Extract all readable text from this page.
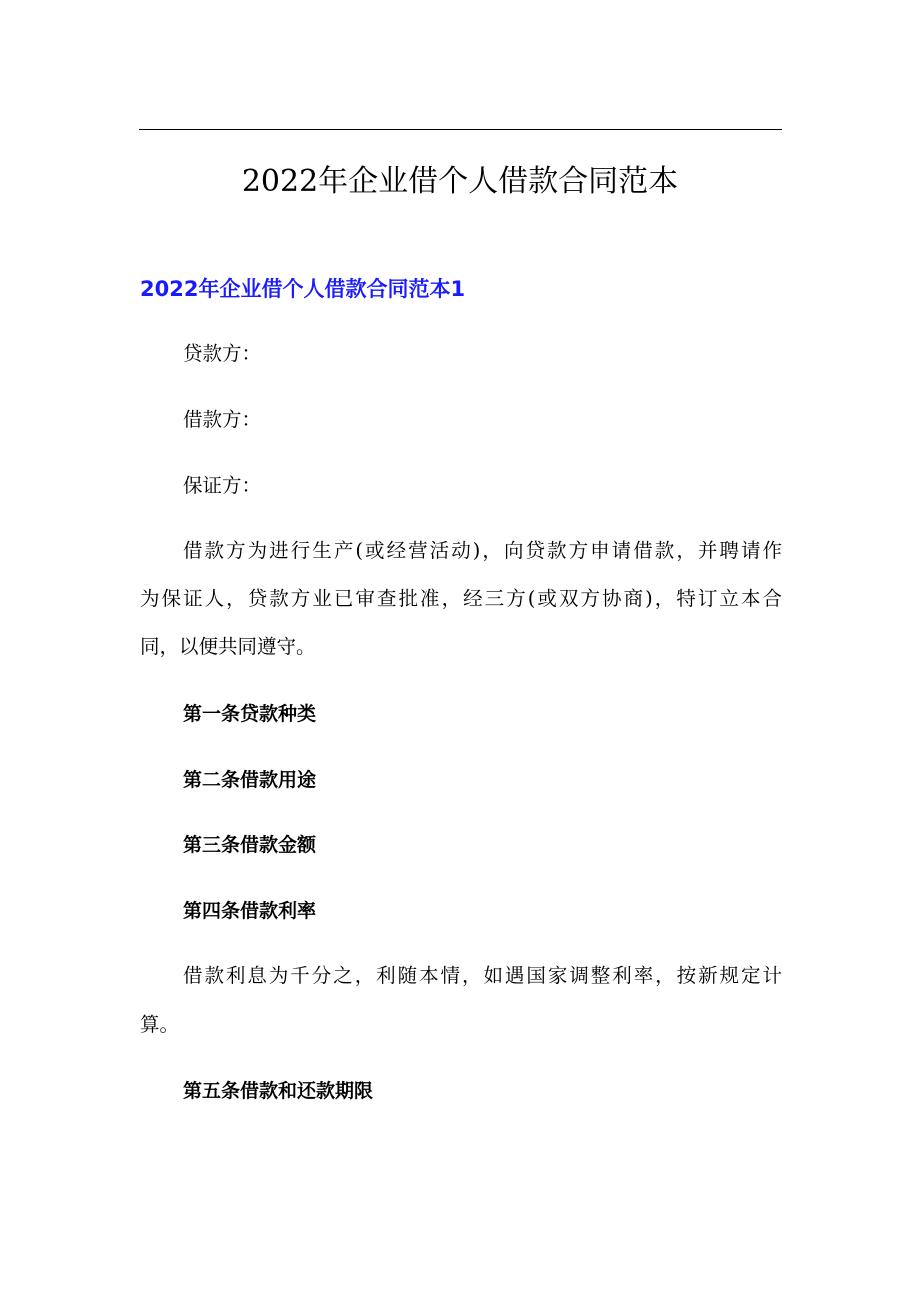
2022年企业借个人借款合同范本
2022年企业借个人借款合同范本1
贷款方：
借款方：
保证方：
借款方为进行生产(或经营活动)，向贷款方申请借款，并聘请作
为保证人，贷款方业已审查批准，经三方(或双方协商)，特订立本合
同，以便共同遵守。
第一条贷款种类
第二条借款用途
第三条借款金额
第四条借款利率
借款利息为千分之，利随本情，如遇国家调整利率，按新规定计
算。
第五条借款和还款期限
